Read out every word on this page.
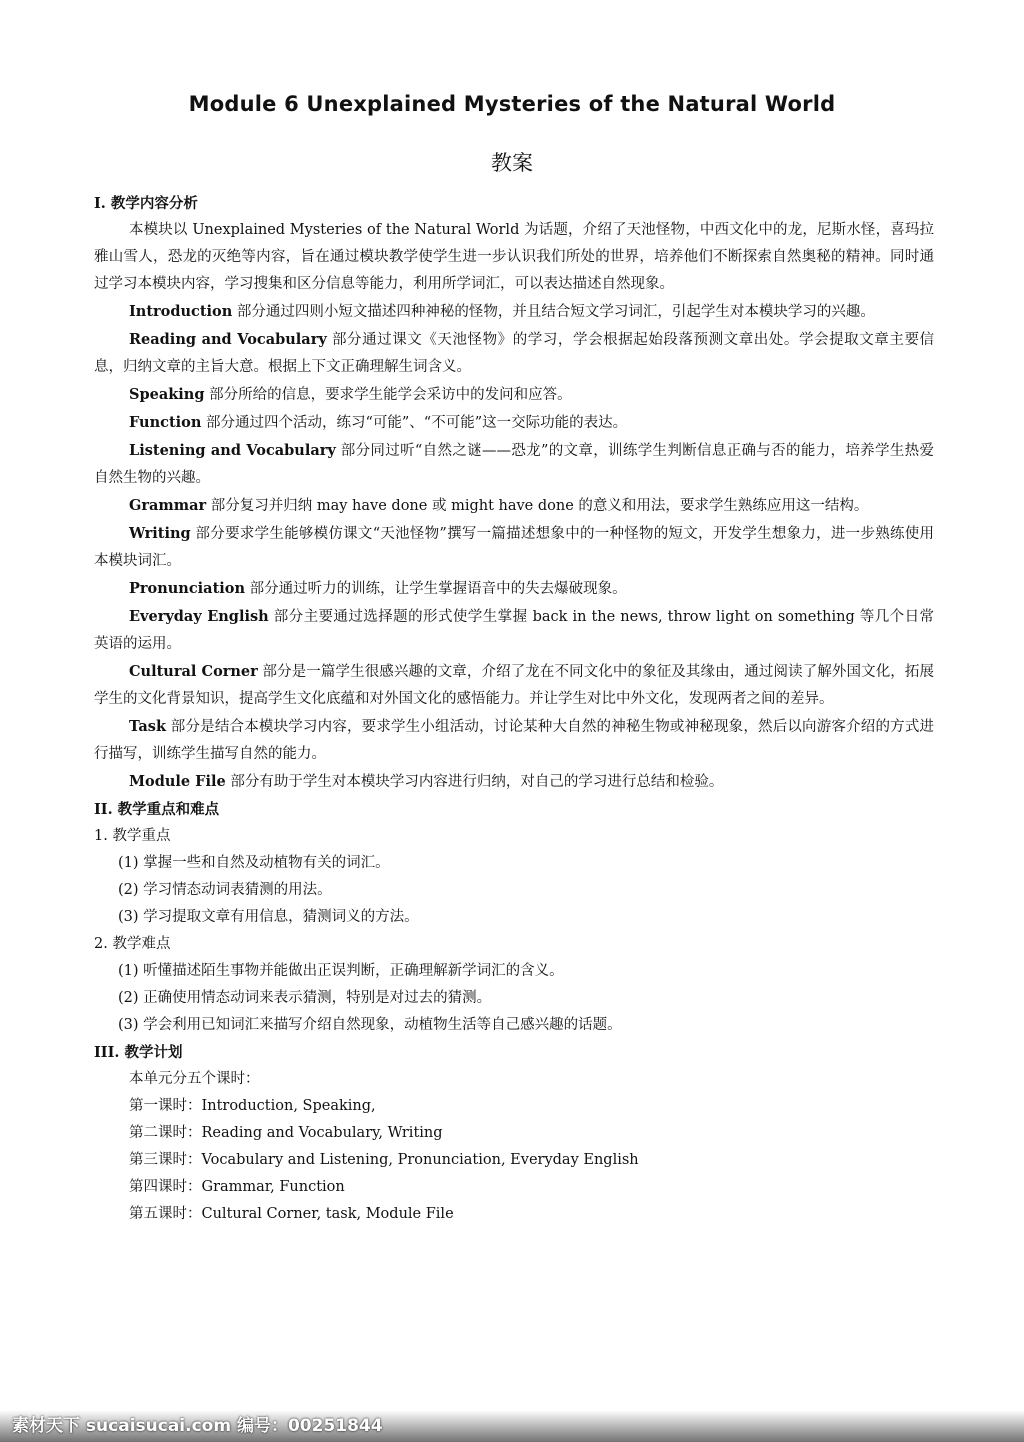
Module 6 Unexplained Mysteries of the Natural World
教案
I. 教学内容分析

本模块以 Unexplained Mysteries of the Natural World 为话题，介绍了天池怪物，中西文化中的龙，尼斯水怪，喜玛拉雅山雪人，恐龙的灭绝等内容，旨在通过模块教学使学生进一步认识我们所处的世界，培养他们不断探索自然奥秘的精神。同时通过学习本模块内容，学习搜集和区分信息等能力，利用所学词汇，可以表达描述自然现象。

Introduction 部分通过四则小短文描述四种神秘的怪物，并且结合短文学习词汇，引起学生对本模块学习的兴趣。

Reading and Vocabulary 部分通过课文《天池怪物》的学习，学会根据起始段落预测文章出处。学会提取文章主要信息，归纳文章的主旨大意。根据上下文正确理解生词含义。

Speaking 部分所给的信息，要求学生能学会采访中的发问和应答。

Function 部分通过四个活动，练习“可能”、“不可能”这一交际功能的表达。

Listening and Vocabulary 部分同过听“自然之谜——恐龙”的文章，训练学生判断信息正确与否的能力，培养学生热爱自然生物的兴趣。

Grammar 部分复习并归纳 may have done 或 might have done 的意义和用法，要求学生熟练应用这一结构。

Writing 部分要求学生能够模仿课文“天池怪物”撰写一篇描述想象中的一种怪物的短文，开发学生想象力，进一步熟练使用本模块词汇。

Pronunciation 部分通过听力的训练，让学生掌握语音中的失去爆破现象。

Everyday English 部分主要通过选择题的形式使学生掌握 back in the news, throw light on something 等几个日常英语的运用。

Cultural Corner 部分是一篇学生很感兴趣的文章，介绍了龙在不同文化中的象征及其缘由，通过阅读了解外国文化，拓展学生的文化背景知识，提高学生文化底蕴和对外国文化的感悟能力。并让学生对比中外文化，发现两者之间的差异。

Task 部分是结合本模块学习内容，要求学生小组活动，讨论某种大自然的神秘生物或神秘现象，然后以向游客介绍的方式进行描写，训练学生描写自然的能力。

Module File 部分有助于学生对本模块学习内容进行归纳，对自己的学习进行总结和检验。

II. 教学重点和难点
1. 教学重点
(1) 掌握一些和自然及动植物有关的词汇。
(2) 学习情态动词表猜测的用法。
(3) 学习提取文章有用信息，猜测词义的方法。
2. 教学难点
(1) 听懂描述陌生事物并能做出正误判断，正确理解新学词汇的含义。
(2) 正确使用情态动词来表示猜测，特别是对过去的猜测。
(3) 学会利用已知词汇来描写介绍自然现象，动植物生活等自己感兴趣的话题。
III. 教学计划
本单元分五个课时：
第一课时：Introduction, Speaking,
第二课时：Reading and Vocabulary, Writing
第三课时：Vocabulary and Listening, Pronunciation, Everyday English
第四课时：Grammar, Function
第五课时：Cultural Corner, task, Module File
素材天下 sucaisucai.com 编号：00251844
